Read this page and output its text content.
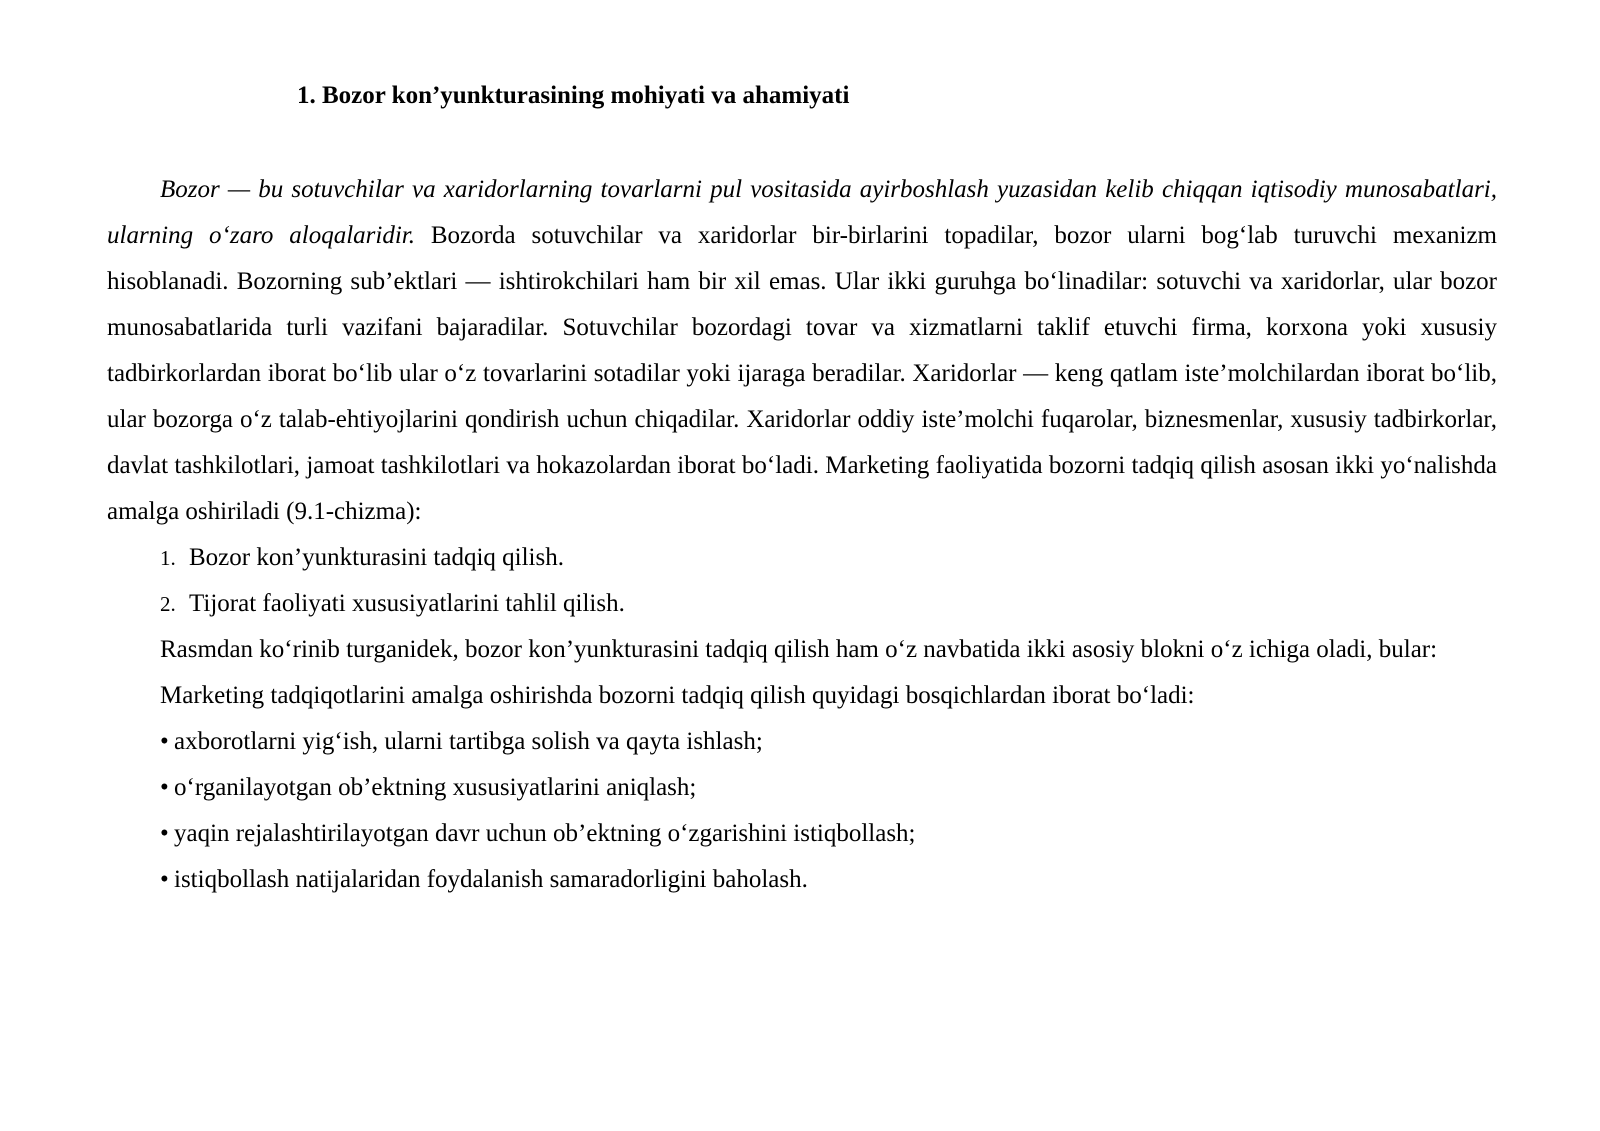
1. Bozor kon’yunkturasining mohiyati va ahamiyati

Bozor — bu sotuvchilar va xaridorlarning tovarlarni pul vositasida ayirboshlash yuzasidan kelib chiqqan iqtisodiy munosabatlari, ularning o‘zaro aloqalaridir. Bozorda sotuvchilar va xaridorlar bir-birlarini topadilar, bozor ularni bog‘lab turuvchi mexanizm hisoblanadi. Bozorning sub’ektlari — ishtirokchilari ham bir xil emas. Ular ikki guruhga bo‘linadilar: sotuvchi va xaridorlar, ular bozor munosabatlarida turli vazifani bajaradilar. Sotuvchilar bozordagi tovar va xizmatlarni taklif etuvchi firma, korxona yoki xususiy tadbirkorlardan iborat bo‘lib ular o‘z tovarlarini sotadilar yoki ijaraga beradilar. Xaridorlar — keng qatlam iste’molchilardan iborat bo‘lib, ular bozorga o‘z talab-ehtiyojlarini qondirish uchun chiqadilar. Xaridorlar oddiy iste’molchi fuqarolar, biznesmenlar, xususiy tadbirkorlar, davlat tashkilotlari, jamoat tashkilotlari va hokazolardan iborat bo‘ladi. Marketing faoliyatida bozorni tadqiq qilish asosan ikki yo‘nalishda amalga oshiriladi (9.1-chizma):

1. Bozor kon’yunkturasini tadqiq qilish.

2. Tijorat faoliyati xususiyatlarini tahlil qilish.

Rasmdan ko‘rinib turganidek, bozor kon’yunkturasini tadqiq qilish ham o‘z navbatida ikki asosiy blokni o‘z ichiga oladi, bular:

Marketing tadqiqotlarini amalga oshirishda bozorni tadqiq qilish quyidagi bosqichlardan iborat bo‘ladi:

• axborotlarni yig‘ish, ularni tartibga solish va qayta ishlash;

• o‘rganilayotgan ob’ektning xususiyatlarini aniqlash;

• yaqin rejalashtirilayotgan davr uchun ob’ektning o‘zgarishini istiqbollash;

• istiqbollash natijalaridan foydalanish samaradorligini baholash.
